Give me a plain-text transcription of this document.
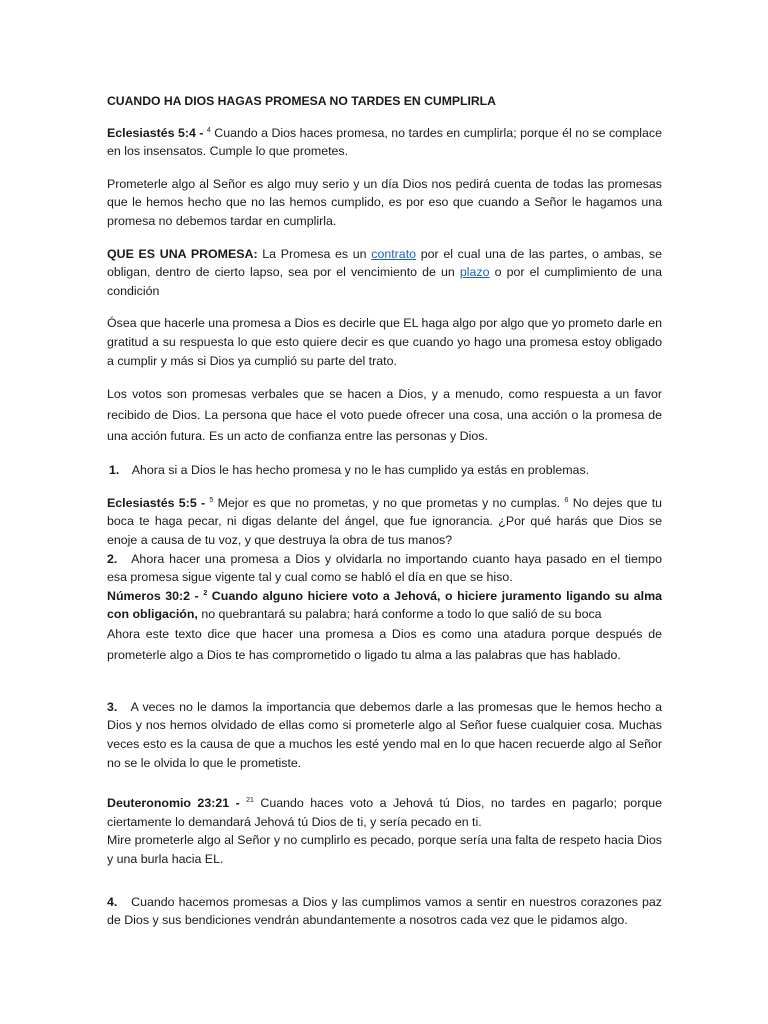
CUANDO HA DIOS HAGAS PROMESA NO TARDES EN CUMPLIRLA
Eclesiastés 5:4 - $^4$ Cuando a Dios haces promesa, no tardes en cumplirla; porque él no se complace en los insensatos. Cumple lo que prometes.
Prometerle algo al Señor es algo muy serio y un día Dios nos pedirá cuenta de todas las promesas que le hemos hecho que no las hemos cumplido, es por eso que cuando a Señor le hagamos una promesa no debemos tardar en cumplirla.
QUE ES UNA PROMESA: La Promesa es un contrato por el cual una de las partes, o ambas, se obligan, dentro de cierto lapso, sea por el vencimiento de un plazo o por el cumplimiento de una condición
Ósea que hacerle una promesa a Dios es decirle que EL haga algo por algo que yo prometo darle en gratitud a su respuesta lo que esto quiere decir es que cuando yo hago una promesa estoy obligado a cumplir y más si Dios ya cumplió su parte del trato.
Los votos son promesas verbales que se hacen a Dios, y a menudo, como respuesta a un favor recibido de Dios. La persona que hace el voto puede ofrecer una cosa, una acción o la promesa de una acción futura. Es un acto de confianza entre las personas y Dios.
1. Ahora si a Dios le has hecho promesa y no le has cumplido ya estás en problemas.
Eclesiastés 5:5 - $^5$ Mejor es que no prometas, y no que prometas y no cumplas. $^6$ No dejes que tu boca te haga pecar, ni digas delante del ángel, que fue ignorancia. ¿Por qué harás que Dios se enoje a causa de tu voz, y que destruya la obra de tus manos?
2. Ahora hacer una promesa a Dios y olvidarla no importando cuanto haya pasado en el tiempo esa promesa sigue vigente tal y cual como se habló el día en que se hiso.
Números 30:2 - $^2$ Cuando alguno hiciere voto a Jehová, o hiciere juramento ligando su alma con obligación, no quebrantará su palabra; hará conforme a todo lo que salió de su boca
Ahora este texto dice que hacer una promesa a Dios es como una atadura porque después de prometerle algo a Dios te has comprometido o ligado tu alma a las palabras que has hablado.
3. A veces no le damos la importancia que debemos darle a las promesas que le hemos hecho a Dios y nos hemos olvidado de ellas como si prometerle algo al Señor fuese cualquier cosa. Muchas veces esto es la causa de que a muchos les esté yendo mal en lo que hacen recuerde algo al Señor no se le olvida lo que le prometiste.
Deuteronomio 23:21 - $^{21}$ Cuando haces voto a Jehová tú Dios, no tardes en pagarlo; porque ciertamente lo demandará Jehová tú Dios de ti, y sería pecado en ti.
Mire prometerle algo al Señor y no cumplirlo es pecado, porque sería una falta de respeto hacia Dios y una burla hacia EL.
4. Cuando hacemos promesas a Dios y las cumplimos vamos a sentir en nuestros corazones paz de Dios y sus bendiciones vendrán abundantemente a nosotros cada vez que le pidamos algo.
